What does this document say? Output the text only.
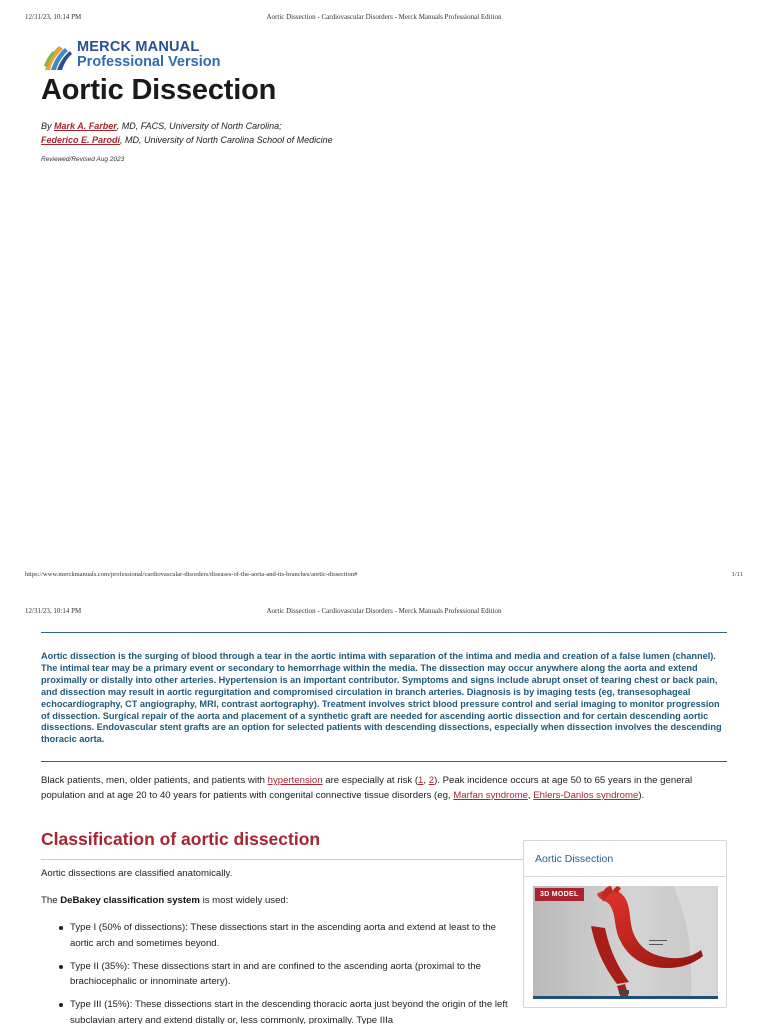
12/31/23, 10:14 PM	Aortic Dissection - Cardiovascular Disorders - Merck Manuals Professional Edition
MERCK MANUAL
Professional Version
Aortic Dissection
By Mark A. Farber, MD, FACS, University of North Carolina;
Federico E. Parodi, MD, University of North Carolina School of Medicine
Reviewed/Revised Aug 2023
https://www.merckmanuals.com/professional/cardiovascular-disorders/diseases-of-the-aorta-and-its-branches/aortic-dissection#	1/11
12/31/23, 10:14 PM	Aortic Dissection - Cardiovascular Disorders - Merck Manuals Professional Edition

Aortic dissection is the surging of blood through a tear in the aortic intima with separation of the intima and media and creation of a false lumen (channel). The intimal tear may be a primary event or secondary to hemorrhage within the media. The dissection may occur anywhere along the aorta and extend proximally or distally into other arteries. Hypertension is an important contributor. Symptoms and signs include abrupt onset of tearing chest or back pain, and dissection may result in aortic regurgitation and compromised circulation in branch arteries. Diagnosis is by imaging tests (eg, transesophageal echocardiography, CT angiography, MRI, contrast aortography). Treatment involves strict blood pressure control and serial imaging to monitor progression of dissection. Surgical repair of the aorta and placement of a synthetic graft are needed for ascending aortic dissection and for certain descending aortic dissections. Endovascular stent grafts are an option for selected patients with descending dissections, especially when dissection involves the descending thoracic aorta.

Black patients, men, older patients, and patients with hypertension are especially at risk (1, 2). Peak incidence occurs at age 50 to 65 years in the general population and at age 20 to 40 years for patients with congenital connective tissue disorders (eg, Marfan syndrome, Ehlers-Danlos syndrome).

Classification of aortic dissection

Aortic dissections are classified anatomically.

The DeBakey classification system is most widely used:

Type I (50% of dissections): These dissections start in the ascending aorta and extend at least to the aortic arch and sometimes beyond.
Type II (35%): These dissections start in and are confined to the ascending aorta (proximal to the brachiocephalic or innominate artery).
Type III (15%): These dissections start in the descending thoracic aorta just beyond the origin of the left subclavian artery and extend distally or, less commonly, proximally. Type IIIa
Aortic Dissection
3D MODEL
